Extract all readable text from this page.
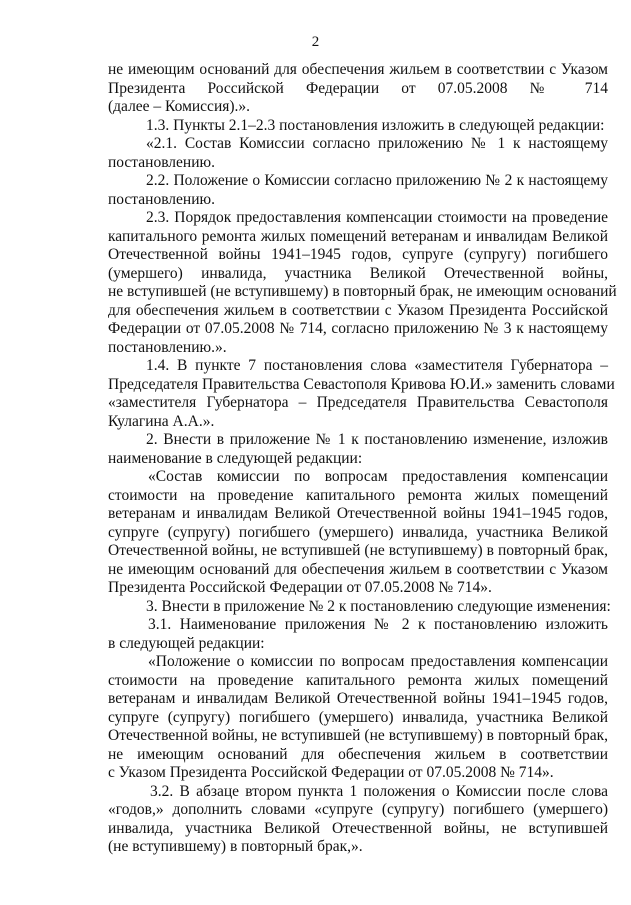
2

не имеющим оснований для обеспечения жильем в соответствии с Указом
Президента Российской Федерации от 07.05.2008 № 714
(далее – Комиссия).».

1.3. Пункты 2.1–2.3 постановления изложить в следующей редакции:

«2.1. Состав Комиссии согласно приложению № 1 к настоящему
постановлению.

2.2. Положение о Комиссии согласно приложению № 2 к настоящему
постановлению.

2.3. Порядок предоставления компенсации стоимости на проведение
капитального ремонта жилых помещений ветеранам и инвалидам Великой
Отечественной войны 1941–1945 годов, супруге (супругу) погибшего
(умершего) инвалида, участника Великой Отечественной войны,
не вступившей (не вступившему) в повторный брак, не имеющим оснований
для обеспечения жильем в соответствии с Указом Президента Российской
Федерации от 07.05.2008 № 714, согласно приложению № 3 к настоящему
постановлению.».

1.4. В пункте 7 постановления слова «заместителя Губернатора –
Председателя Правительства Севастополя Кривова Ю.И.» заменить словами
«заместителя Губернатора – Председателя Правительства Севастополя
Кулагина А.А.».

2. Внести в приложение № 1 к постановлению изменение, изложив
наименование в следующей редакции:

«Состав комиссии по вопросам предоставления компенсации
стоимости на проведение капитального ремонта жилых помещений
ветеранам и инвалидам Великой Отечественной войны 1941–1945 годов,
супруге (супругу) погибшего (умершего) инвалида, участника Великой
Отечественной войны, не вступившей (не вступившему) в повторный брак,
не имеющим оснований для обеспечения жильем в соответствии с Указом
Президента Российской Федерации от 07.05.2008 № 714».

3. Внести в приложение № 2 к постановлению следующие изменения:

3.1. Наименование приложения № 2 к постановлению изложить
в следующей редакции:

«Положение о комиссии по вопросам предоставления компенсации
стоимости на проведение капитального ремонта жилых помещений
ветеранам и инвалидам Великой Отечественной войны 1941–1945 годов,
супруге (супругу) погибшего (умершего) инвалида, участника Великой
Отечественной войны, не вступившей (не вступившему) в повторный брак,
не имеющим оснований для обеспечения жильем в соответствии
с Указом Президента Российской Федерации от 07.05.2008 № 714».

3.2. В абзаце втором пункта 1 положения о Комиссии после слова
«годов,» дополнить словами «супруге (супругу) погибшего (умершего)
инвалида, участника Великой Отечественной войны, не вступившей
(не вступившему) в повторный брак,».
